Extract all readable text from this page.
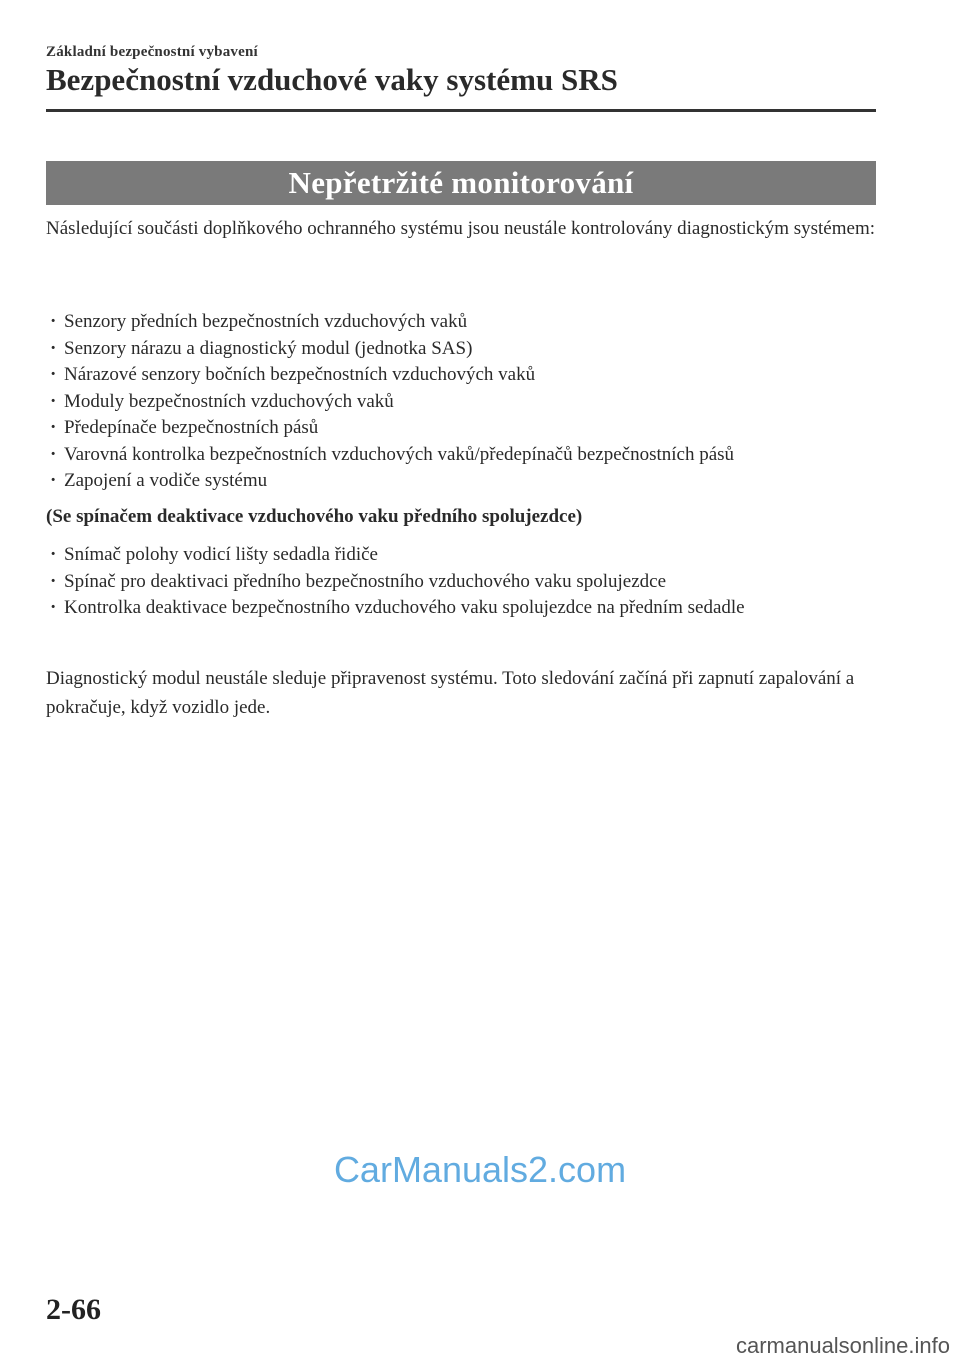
Základní bezpečnostní vybavení
Bezpečnostní vzduchové vaky systému SRS
Nepřetržité monitorování
Následující součásti doplňkového ochranného systému jsou neustále kontrolovány diagnostickým systémem:
· Senzory předních bezpečnostních vzduchových vaků
· Senzory nárazu a diagnostický modul (jednotka SAS)
· Nárazové senzory bočních bezpečnostních vzduchových vaků
· Moduly bezpečnostních vzduchových vaků
· Předepínače bezpečnostních pásů
· Varovná kontrolka bezpečnostních vzduchových vaků/předepínačů bezpečnostních pásů
· Zapojení a vodiče systému
(Se spínačem deaktivace vzduchového vaku předního spolujezdce)
· Snímač polohy vodicí lišty sedadla řidiče
· Spínač pro deaktivaci předního bezpečnostního vzduchového vaku spolujezdce
· Kontrolka deaktivace bezpečnostního vzduchového vaku spolujezdce na předním sedadle
Diagnostický modul neustále sleduje připravenost systému. Toto sledování začíná při zapnutí zapalování a pokračuje, když vozidlo jede.
CarManuals2.com
2-66
carmanualsonline.info
